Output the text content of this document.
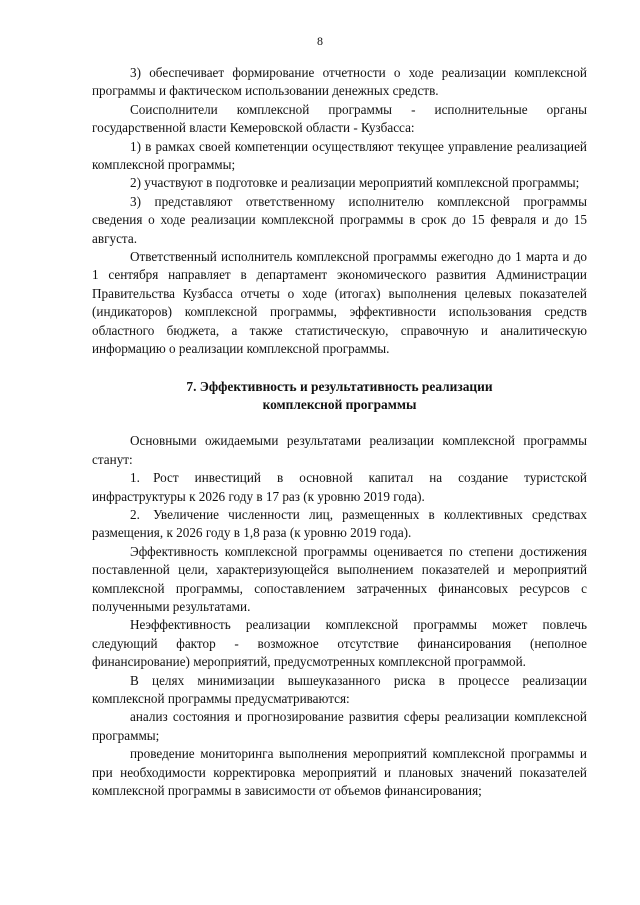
8

3) обеспечивает формирование отчетности о ходе реализации комплексной программы и фактическом использовании денежных средств.

Соисполнители комплексной программы - исполнительные органы государственной власти Кемеровской области - Кузбасса:

1) в рамках своей компетенции осуществляют текущее управление реализацией комплексной программы;

2) участвуют в подготовке и реализации мероприятий комплексной программы;

3) представляют ответственному исполнителю комплексной программы сведения о ходе реализации комплексной программы в срок до 15 февраля и до 15 августа.

Ответственный исполнитель комплексной программы ежегодно до 1 марта и до 1 сентября направляет в департамент экономического развития Администрации Правительства Кузбасса отчеты о ходе (итогах) выполнения целевых показателей (индикаторов) комплексной программы, эффективности использования средств областного бюджета, а также статистическую, справочную и аналитическую информацию о реализации комплексной программы.

7. Эффективность и результативность реализации
комплексной программы

Основными ожидаемыми результатами реализации комплексной программы станут:

1. Рост инвестиций в основной капитал на создание туристской инфраструктуры к 2026 году в 17 раз (к уровню 2019 года).

2. Увеличение численности лиц, размещенных в коллективных средствах размещения, к 2026 году в 1,8 раза (к уровню 2019 года).

Эффективность комплексной программы оценивается по степени достижения поставленной цели, характеризующейся выполнением показателей и мероприятий комплексной программы, сопоставлением затраченных финансовых ресурсов с полученными результатами.

Неэффективность реализации комплексной программы может повлечь следующий фактор - возможное отсутствие финансирования (неполное финансирование) мероприятий, предусмотренных комплексной программой.

В целях минимизации вышеуказанного риска в процессе реализации комплексной программы предусматриваются:

анализ состояния и прогнозирование развития сферы реализации комплексной программы;

проведение мониторинга выполнения мероприятий комплексной программы и при необходимости корректировка мероприятий и плановых значений показателей комплексной программы в зависимости от объемов финансирования;
